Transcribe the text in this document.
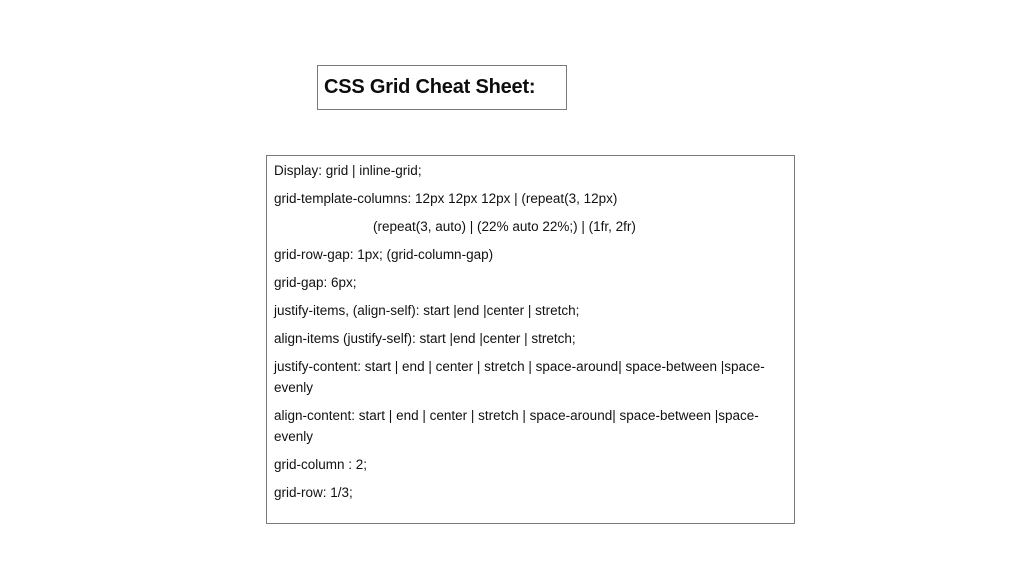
CSS Grid Cheat Sheet:
Display: grid | inline-grid;
grid-template-columns: 12px 12px 12px | (repeat(3, 12px)
(repeat(3, auto) | (22% auto 22%;) | (1fr, 2fr)
grid-row-gap: 1px; (grid-column-gap)
grid-gap: 6px;
justify-items, (align-self): start |end |center | stretch;
align-items (justify-self): start |end |center | stretch;
justify-content: start | end | center | stretch | space-around| space-between |space-evenly
align-content: start | end | center | stretch | space-around| space-between |space-evenly
grid-column : 2;
grid-row: 1/3;
